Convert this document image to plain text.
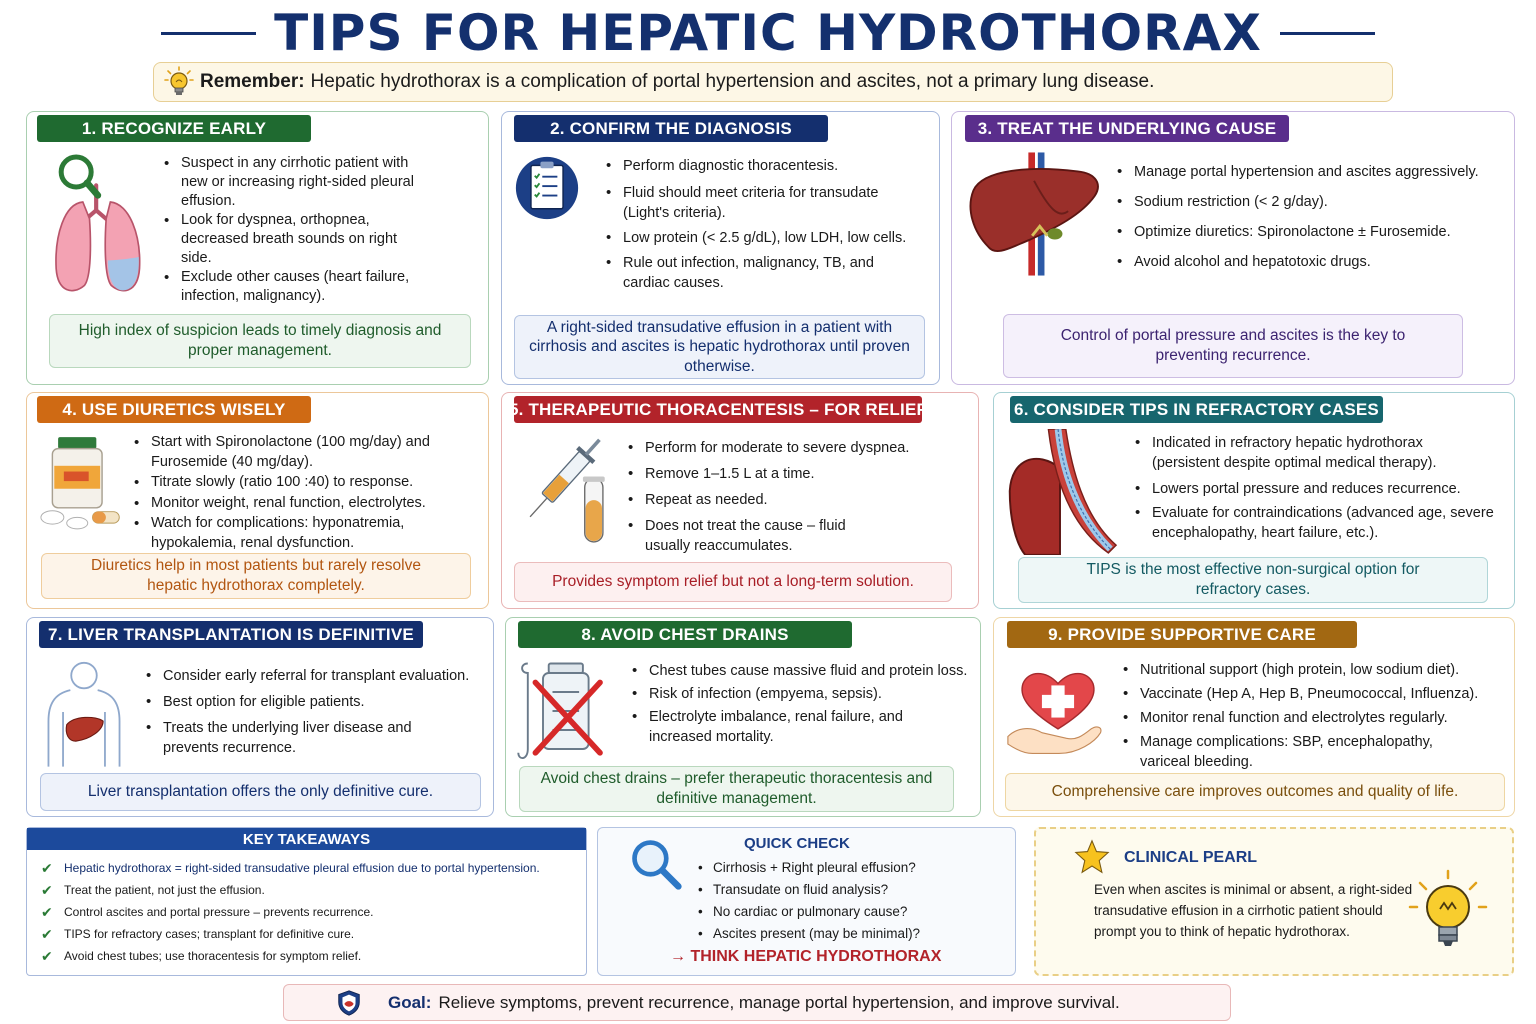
TIPS FOR HEPATIC HYDROTHORAX
Remember: Hepatic hydrothorax is a complication of portal hypertension and ascites, not a primary lung disease.
1. RECOGNIZE EARLY
• Suspect in any cirrhotic patient with new or increasing right-sided pleural effusion.
• Look for dyspnea, orthopnea, decreased breath sounds on right side.
• Exclude other causes (heart failure, infection, malignancy).
High index of suspicion leads to timely diagnosis and proper management.
2. CONFIRM THE DIAGNOSIS
• Perform diagnostic thoracentesis.
• Fluid should meet criteria for transudate (Light's criteria).
• Low protein (< 2.5 g/dL), low LDH, low cells.
• Rule out infection, malignancy, TB, and cardiac causes.
A right-sided transudative effusion in a patient with cirrhosis and ascites is hepatic hydrothorax until proven otherwise.
3. TREAT THE UNDERLYING CAUSE
• Manage portal hypertension and ascites aggressively.
• Sodium restriction (< 2 g/day).
• Optimize diuretics: Spironolactone ± Furosemide.
• Avoid alcohol and hepatotoxic drugs.
Control of portal pressure and ascites is the key to preventing recurrence.
4. USE DIURETICS WISELY
• Start with Spironolactone (100 mg/day) and Furosemide (40 mg/day).
• Titrate slowly (ratio 100 :40) to response.
• Monitor weight, renal function, electrolytes.
• Watch for complications: hyponatremia, hypokalemia, renal dysfunction.
Diuretics help in most patients but rarely resolve hepatic hydrothorax completely.
5. THERAPEUTIC THORACENTESIS – FOR RELIEF
• Perform for moderate to severe dyspnea.
• Remove 1–1.5 L at a time.
• Repeat as needed.
• Does not treat the cause – fluid usually reaccumulates.
Provides symptom relief but not a long-term solution.
6. CONSIDER TIPS IN REFRACTORY CASES
• Indicated in refractory hepatic hydrothorax (persistent despite optimal medical therapy).
• Lowers portal pressure and reduces recurrence.
• Evaluate for contraindications (advanced age, severe encephalopathy, heart failure, etc.).
TIPS is the most effective non-surgical option for refractory cases.
7. LIVER TRANSPLANTATION IS DEFINITIVE
• Consider early referral for transplant evaluation.
• Best option for eligible patients.
• Treats the underlying liver disease and prevents recurrence.
Liver transplantation offers the only definitive cure.
8. AVOID CHEST DRAINS
• Chest tubes cause massive fluid and protein loss.
• Risk of infection (empyema, sepsis).
• Electrolyte imbalance, renal failure, and increased mortality.
Avoid chest drains – prefer therapeutic thoracentesis and definitive management.
9. PROVIDE SUPPORTIVE CARE
• Nutritional support (high protein, low sodium diet).
• Vaccinate (Hep A, Hep B, Pneumococcal, Influenza).
• Monitor renal function and electrolytes regularly.
• Manage complications: SBP, encephalopathy, variceal bleeding.
Comprehensive care improves outcomes and quality of life.
KEY TAKEAWAYS
✔ Hepatic hydrothorax = right-sided transudative pleural effusion due to portal hypertension.
✔ Treat the patient, not just the effusion.
✔ Control ascites and portal pressure – prevents recurrence.
✔ TIPS for refractory cases; transplant for definitive cure.
✔ Avoid chest tubes; use thoracentesis for symptom relief.
QUICK CHECK
• Cirrhosis + Right pleural effusion?
• Transudate on fluid analysis?
• No cardiac or pulmonary cause?
• Ascites present (may be minimal)?
→ THINK HEPATIC HYDROTHORAX
CLINICAL PEARL
Even when ascites is minimal or absent, a right-sided transudative effusion in a cirrhotic patient should prompt you to think of hepatic hydrothorax.
Goal: Relieve symptoms, prevent recurrence, manage portal hypertension, and improve survival.
